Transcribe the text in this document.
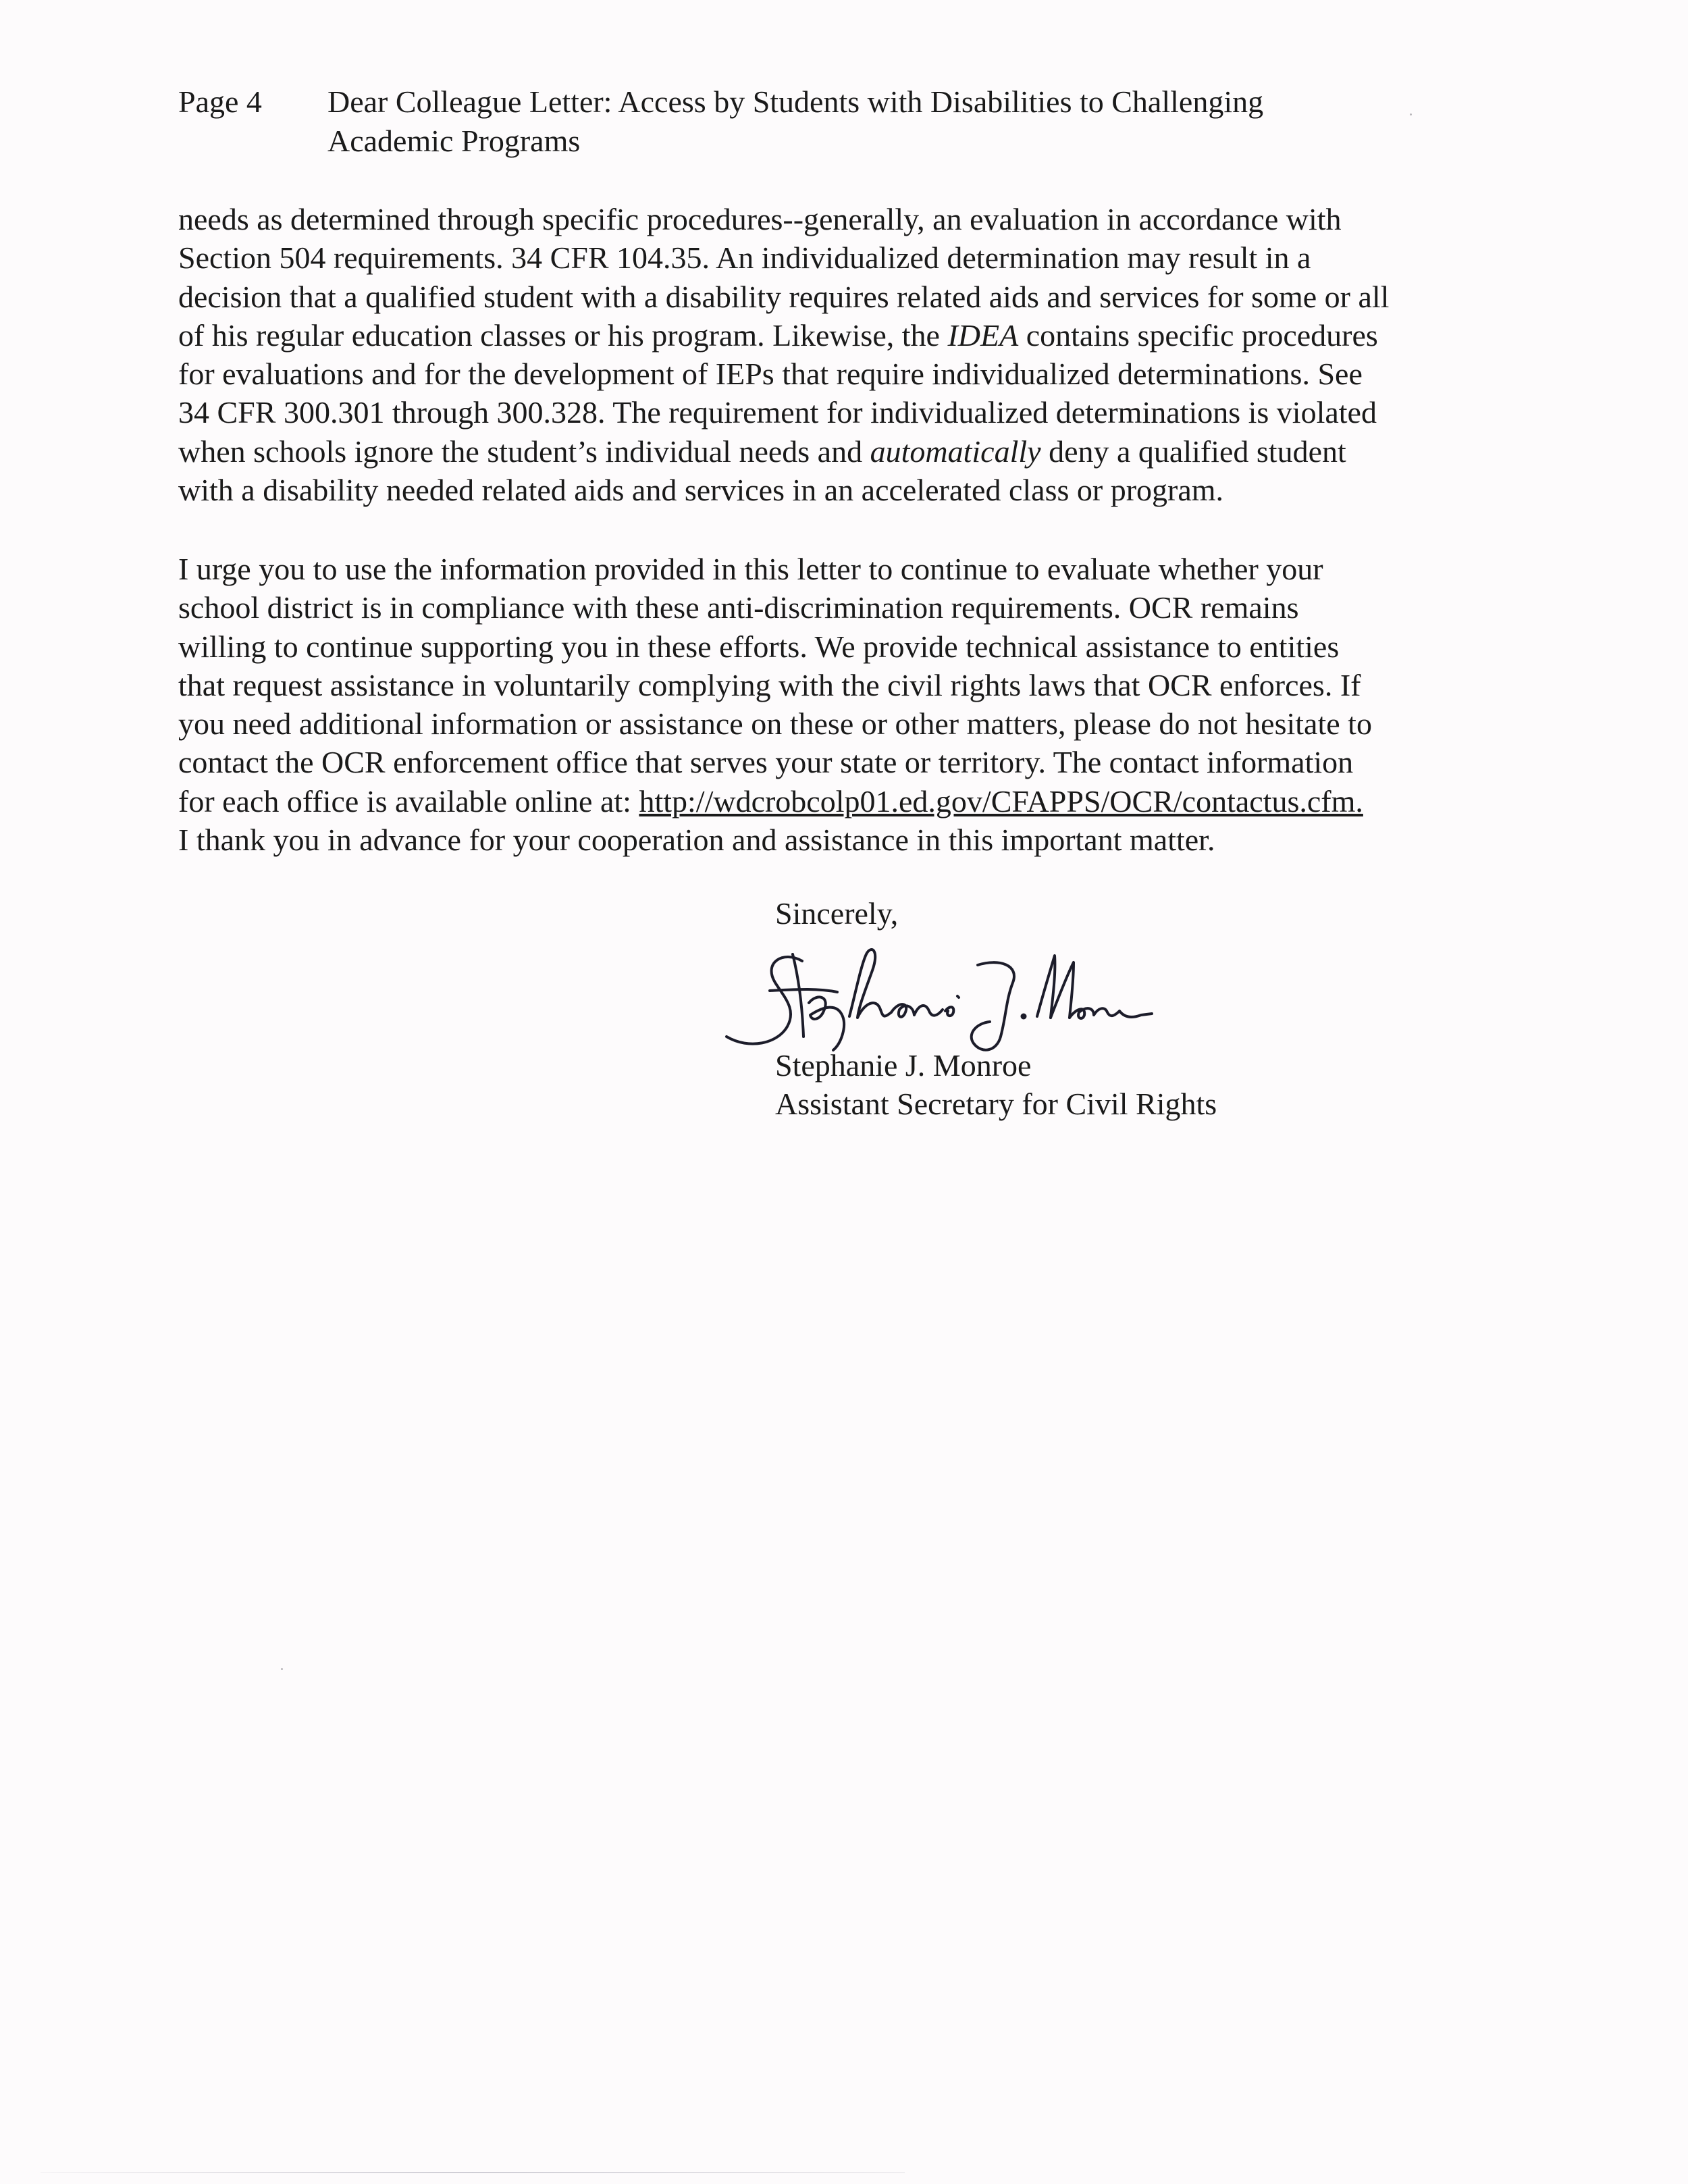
Page 4 Dear Colleague Letter: Access by Students with Disabilities to Challenging
Academic Programs
needs as determined through specific procedures--generally, an evaluation in accordance with
Section 504 requirements. 34 CFR 104.35. An individualized determination may result in a
decision that a qualified student with a disability requires related aids and services for some or all
of his regular education classes or his program. Likewise, the IDEA contains specific procedures
for evaluations and for the development of IEPs that require individualized determinations. See
34 CFR 300.301 through 300.328. The requirement for individualized determinations is violated
when schools ignore the student’s individual needs and automatically deny a qualified student
with a disability needed related aids and services in an accelerated class or program.
I urge you to use the information provided in this letter to continue to evaluate whether your
school district is in compliance with these anti-discrimination requirements. OCR remains
willing to continue supporting you in these efforts. We provide technical assistance to entities
that request assistance in voluntarily complying with the civil rights laws that OCR enforces. If
you need additional information or assistance on these or other matters, please do not hesitate to
contact the OCR enforcement office that serves your state or territory. The contact information
for each office is available online at: http://wdcrobcolp01.ed.gov/CFAPPS/OCR/contactus.cfm.
I thank you in advance for your cooperation and assistance in this important matter.
Sincerely,
Stephanie J. Monroe
Assistant Secretary for Civil Rights
